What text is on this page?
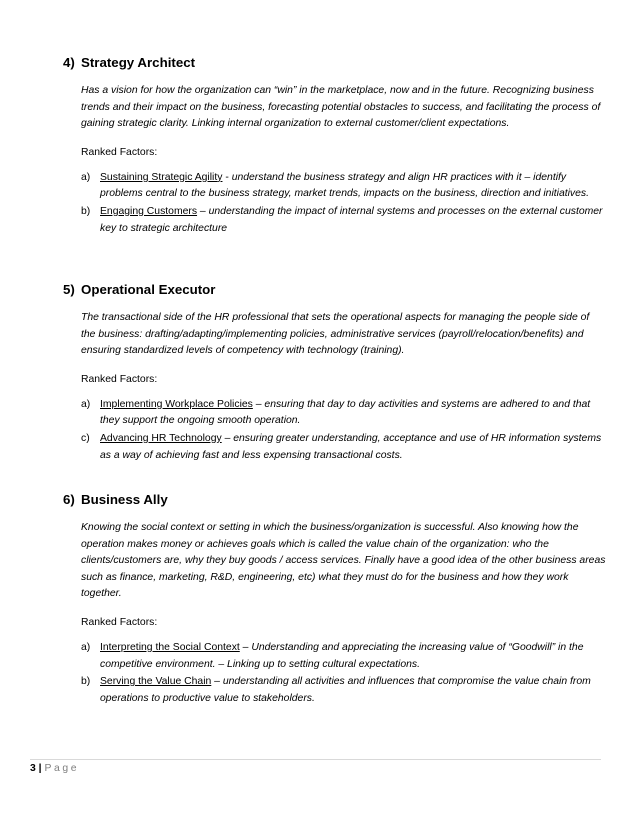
4) Strategy Architect

Has a vision for how the organization can “win” in the marketplace, now and in the future. Recognizing business trends and their impact on the business, forecasting potential obstacles to success, and facilitating the process of gaining strategic clarity. Linking internal organization to external customer/client expectations.

Ranked Factors:

a) Sustaining Strategic Agility - understand the business strategy and align HR practices with it – identify problems central to the business strategy, market trends, impacts on the business, direction and initiatives.
b) Engaging Customers – understanding the impact of internal systems and processes on the external customer key to strategic architecture
5) Operational Executor

The transactional side of the HR professional that sets the operational aspects for managing the people side of the business: drafting/adapting/implementing policies, administrative services (payroll/relocation/benefits) and ensuring standardized levels of competency with technology (training).

Ranked Factors:

a) Implementing Workplace Policies – ensuring that day to day activities and systems are adhered to and that they support the ongoing smooth operation.
c) Advancing HR Technology – ensuring greater understanding, acceptance and use of HR information systems as a way of achieving fast and less expensing transactional costs.
6) Business Ally

Knowing the social context or setting in which the business/organization is successful. Also knowing how the operation makes money or achieves goals which is called the value chain of the organization: who the clients/customers are, why they buy goods / access services. Finally have a good idea of the other business areas such as finance, marketing, R&D, engineering, etc) what they must do for the business and how they work together.

Ranked Factors:

a) Interpreting the Social Context – Understanding and appreciating the increasing value of “Goodwill” in the competitive environment. – Linking up to setting cultural expectations.
b) Serving the Value Chain – understanding all activities and influences that compromise the value chain from operations to productive value to stakeholders.
3 | Page
